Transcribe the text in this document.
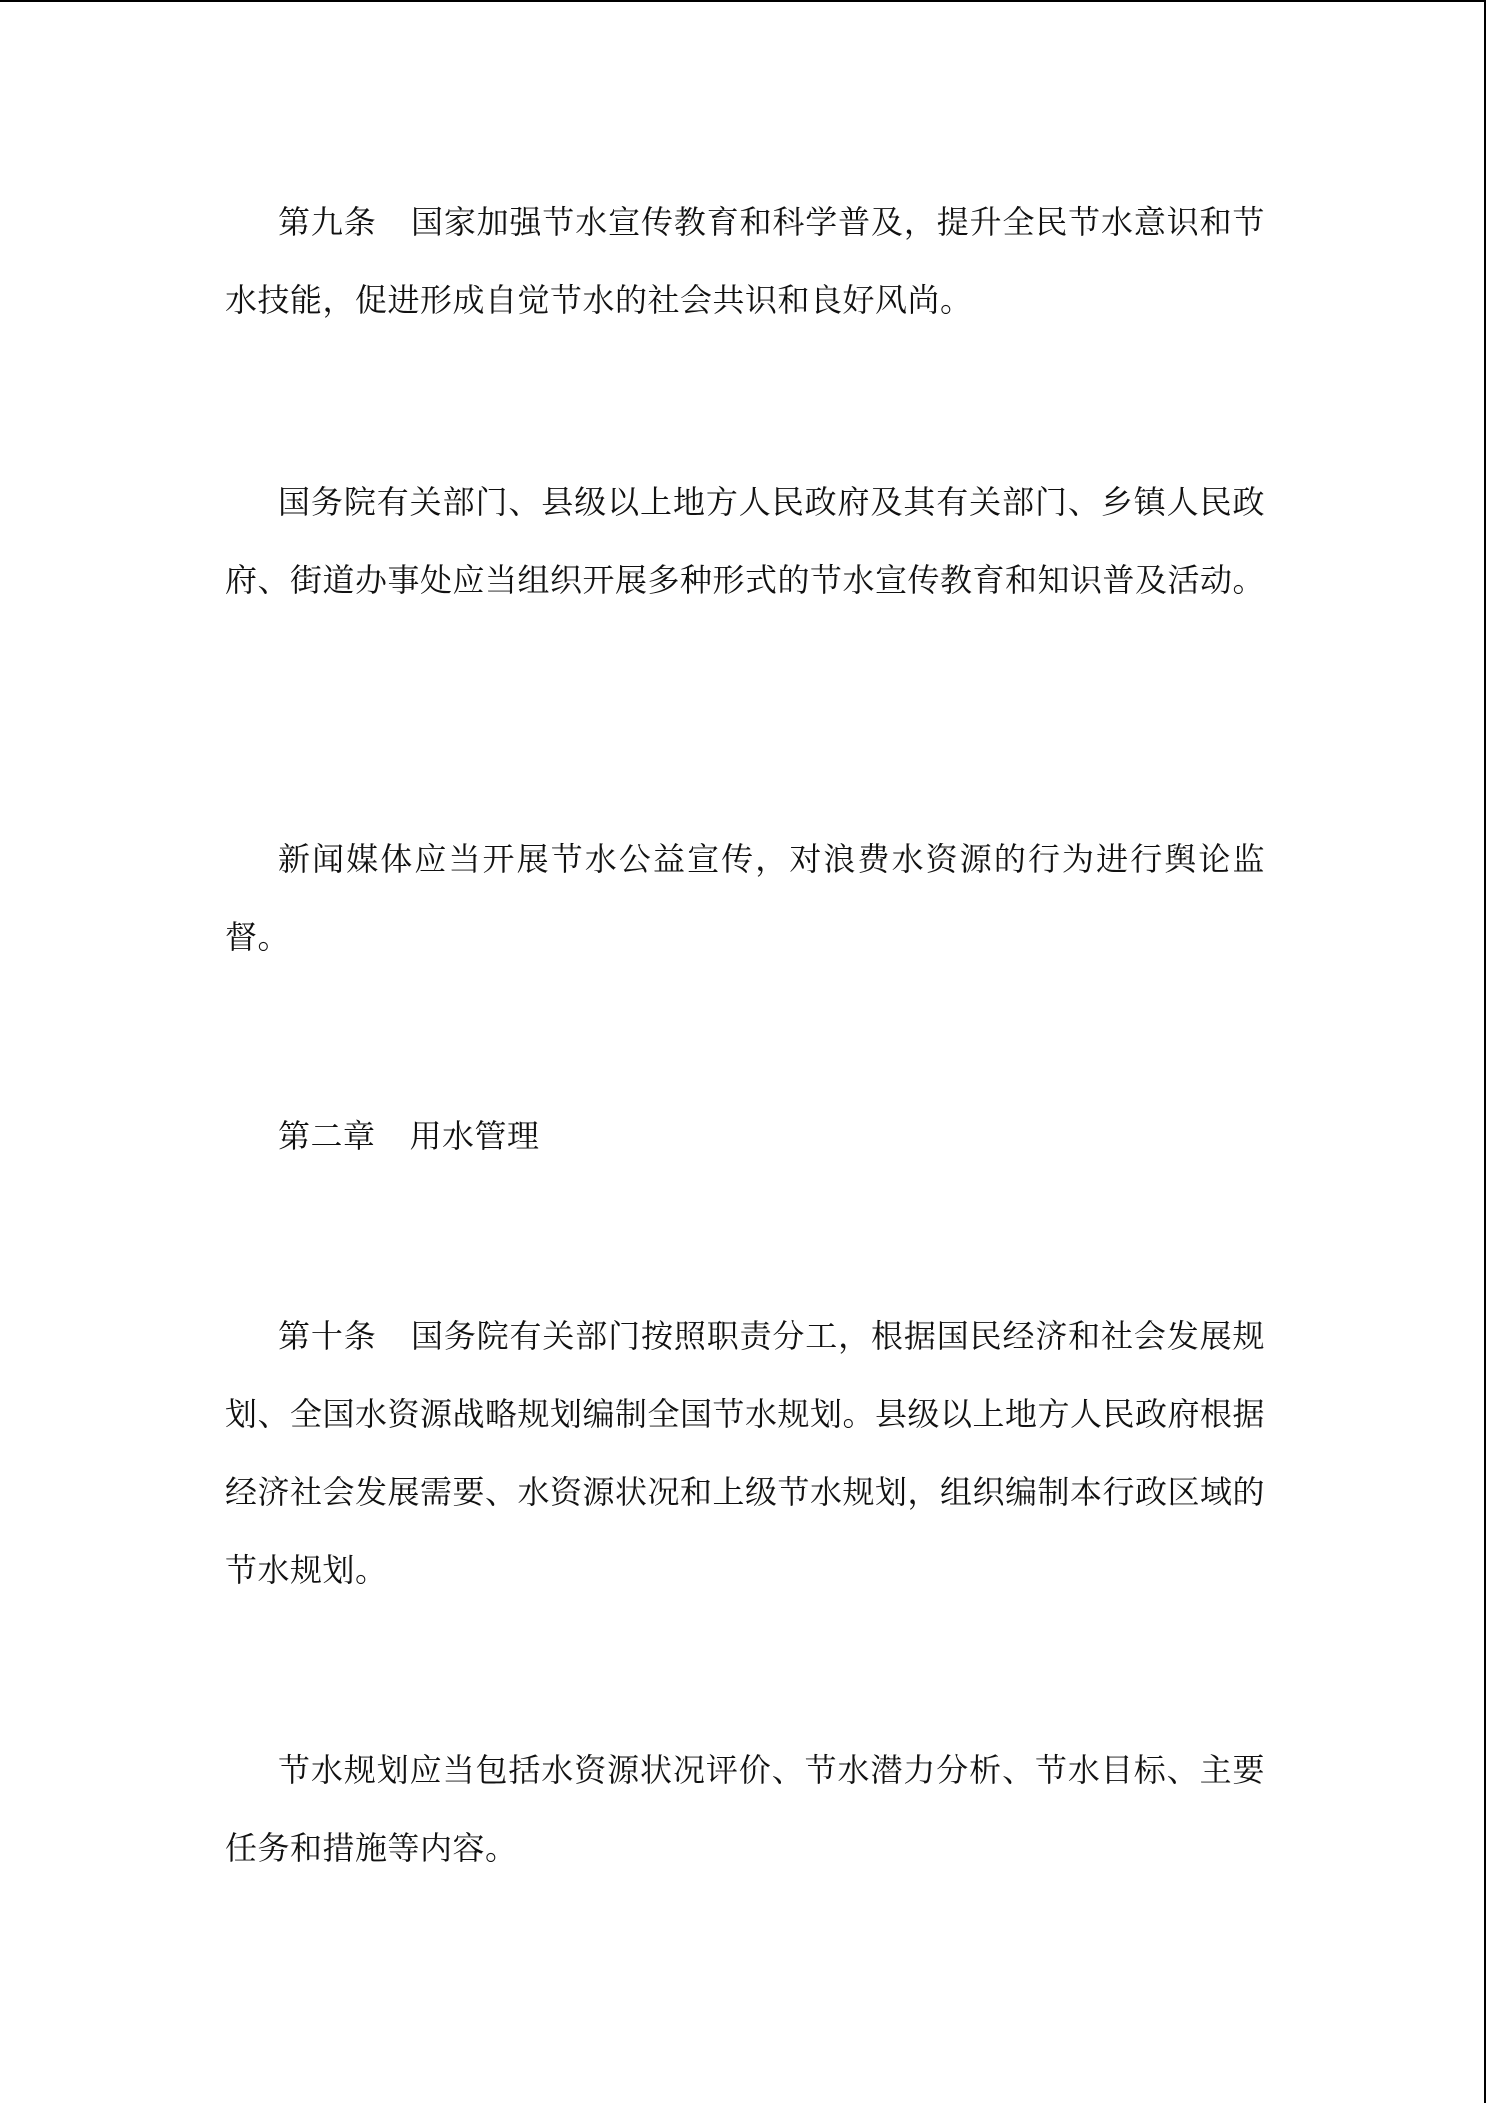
第九条 国家加强节水宣传教育和科学普及，提升全民节水意识和节水技能，促进形成自觉节水的社会共识和良好风尚。

国务院有关部门、县级以上地方人民政府及其有关部门、乡镇人民政府、街道办事处应当组织开展多种形式的节水宣传教育和知识普及活动。

新闻媒体应当开展节水公益宣传，对浪费水资源的行为进行舆论监督。

第二章 用水管理

第十条 国务院有关部门按照职责分工，根据国民经济和社会发展规划、全国水资源战略规划编制全国节水规划。县级以上地方人民政府根据经济社会发展需要、水资源状况和上级节水规划，组织编制本行政区域的节水规划。

节水规划应当包括水资源状况评价、节水潜力分析、节水目标、主要任务和措施等内容。
